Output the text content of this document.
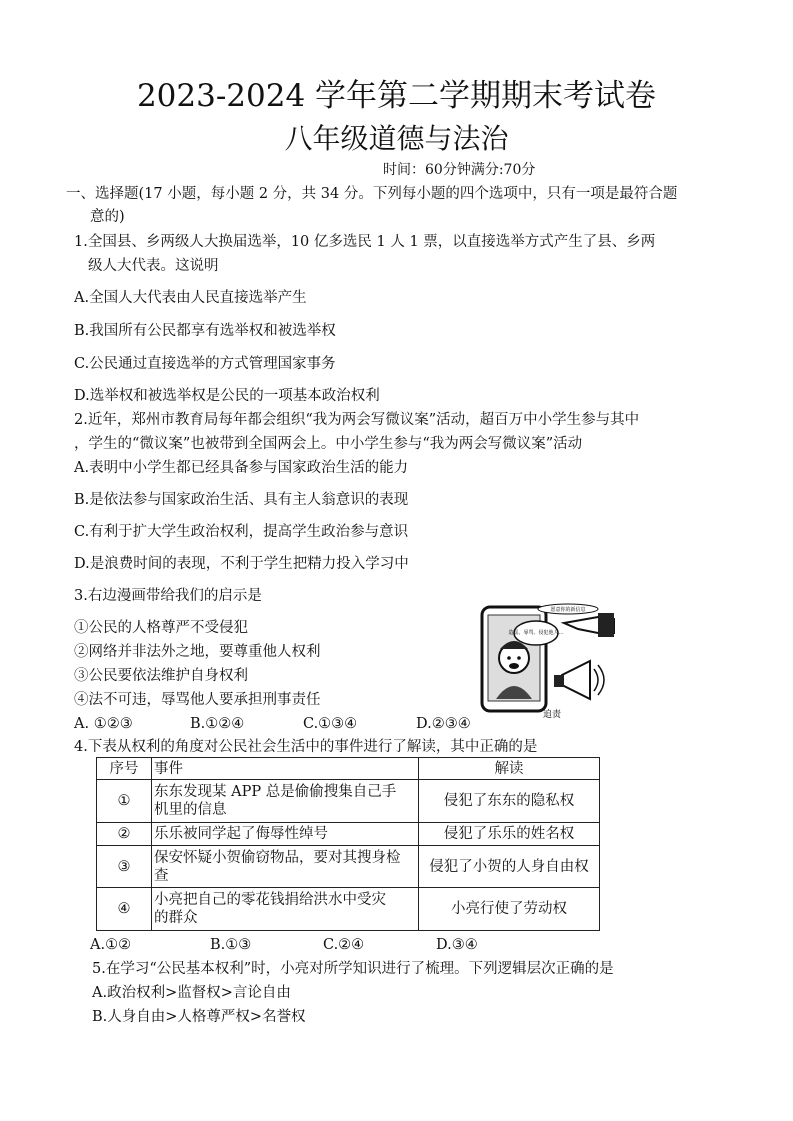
2023-2024 学年第二学期期末考试卷
八年级道德与法治
时间：60分钟满分:70分
一、选择题(17 小题，每小题 2 分，共 34 分。下列每小题的四个选项中，只有一项是最符合题
意的)
1.全国县、乡两级人大换届选举，10 亿多选民 1 人 1 票，以直接选举方式产生了县、乡两
级人大代表。这说明
A.全国人大代表由人民直接选举产生
B.我国所有公民都享有选举权和被选举权
C.公民通过直接选举的方式管理国家事务
D.选举权和被选举权是公民的一项基本政治权利
2.近年，郑州市教育局每年都会组织“我为两会写微议案”活动，超百万中小学生参与其中
，学生的“微议案”也被带到全国两会上。中小学生参与“我为两会写微议案”活动
A.表明中小学生都已经具备参与国家政治生活的能力
B.是依法参与国家政治生活、具有主人翁意识的表现
C.有利于扩大学生政治权利，提高学生政治参与意识
D.是浪费时间的表现，不利于学生把精力投入学习中
3.右边漫画带给我们的启示是
①公民的人格尊严不受侵犯
②网络并非法外之地，要尊重他人权利
③公民要依法维护自身权利
④法不可违，辱骂他人要承担刑事责任
A. ①②③	B.①②④	C.①③④	D.②③④
愿意你的新信息
造谣、辱骂、侵犯他人…
追责
4.下表从权利的角度对公民社会生活中的事件进行了解读，其中正确的是
序号	事件	解读
①	东东发现某 APP 总是偷偷搜集自己手
机里的信息	侵犯了东东的隐私权
②	乐乐被同学起了侮辱性绰号	侵犯了乐乐的姓名权
③	保安怀疑小贺偷窃物品，要对其搜身检
查	侵犯了小贺的人身自由权
④	小亮把自己的零花钱捐给洪水中受灾
的群众	小亮行使了劳动权
A.①②	B.①③	C.②④	D.③④
5.在学习“公民基本权利”时，小亮对所学知识进行了梳理。下列逻辑层次正确的是
A.政治权利>监督权>言论自由
B.人身自由>人格尊严权>名誉权
